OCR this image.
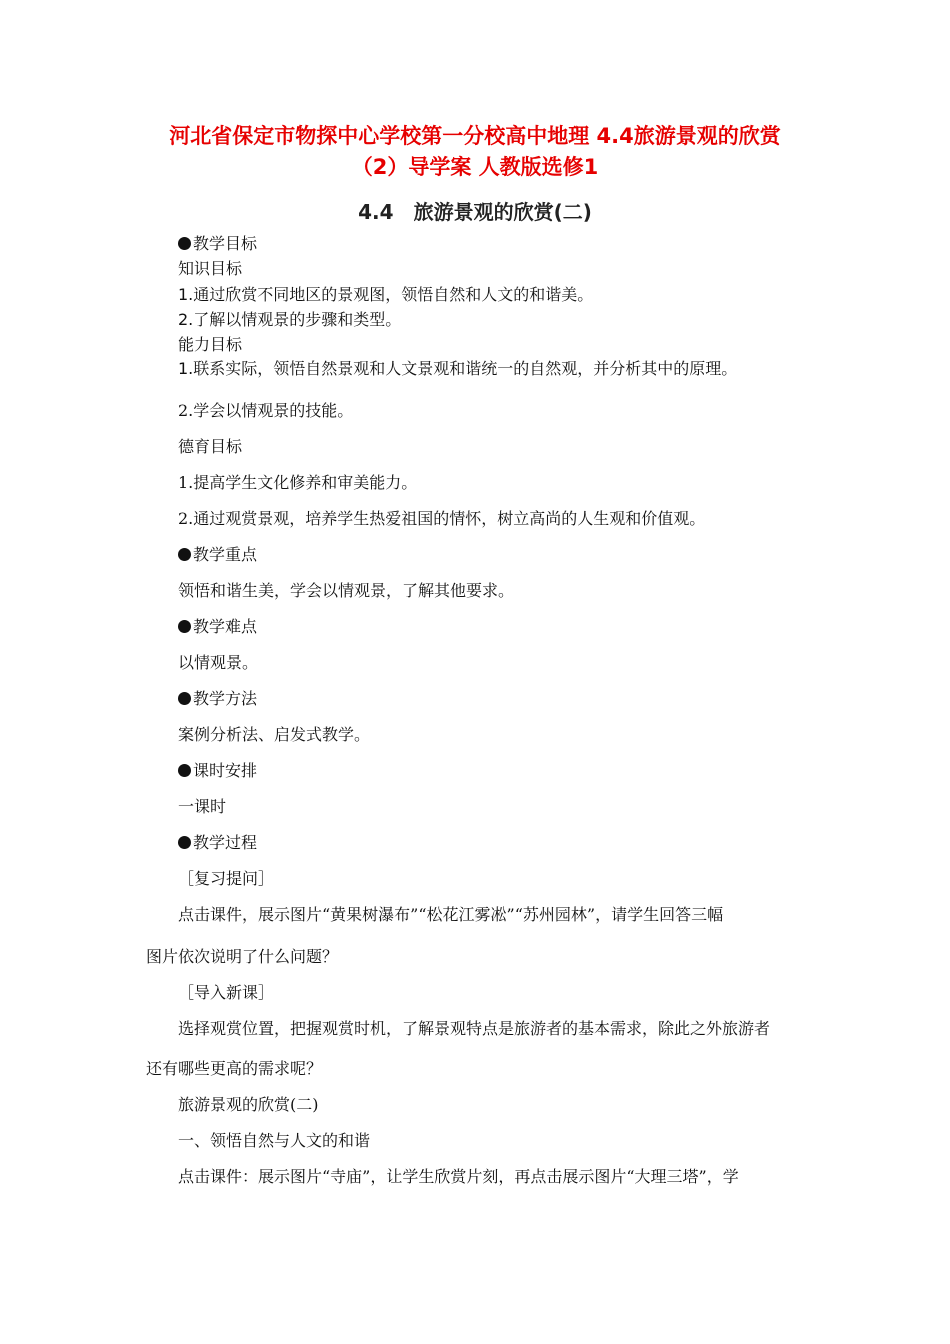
河北省保定市物探中心学校第一分校高中地理 4.4旅游景观的欣赏
（2）导学案 人教版选修1
4.4　旅游景观的欣赏(二)
教学目标
知识目标
1.通过欣赏不同地区的景观图，领悟自然和人文的和谐美。
2.了解以情观景的步骤和类型。
能力目标
1.联系实际，领悟自然景观和人文景观和谐统一的自然观，并分析其中的原理。
2.学会以情观景的技能。
德育目标
1.提高学生文化修养和审美能力。
2.通过观赏景观，培养学生热爱祖国的情怀，树立高尚的人生观和价值观。
教学重点
领悟和谐生美，学会以情观景，了解其他要求。
教学难点
以情观景。
教学方法
案例分析法、启发式教学。
课时安排
一课时
教学过程
［复习提问］
点击课件，展示图片“黄果树瀑布”“松花江雾凇”“苏州园林”，请学生回答三幅
图片依次说明了什么问题？
［导入新课］
选择观赏位置，把握观赏时机，了解景观特点是旅游者的基本需求，除此之外旅游者
还有哪些更高的需求呢？
旅游景观的欣赏(二)
一、领悟自然与人文的和谐
点击课件：展示图片“寺庙”，让学生欣赏片刻，再点击展示图片“大理三塔”，学
